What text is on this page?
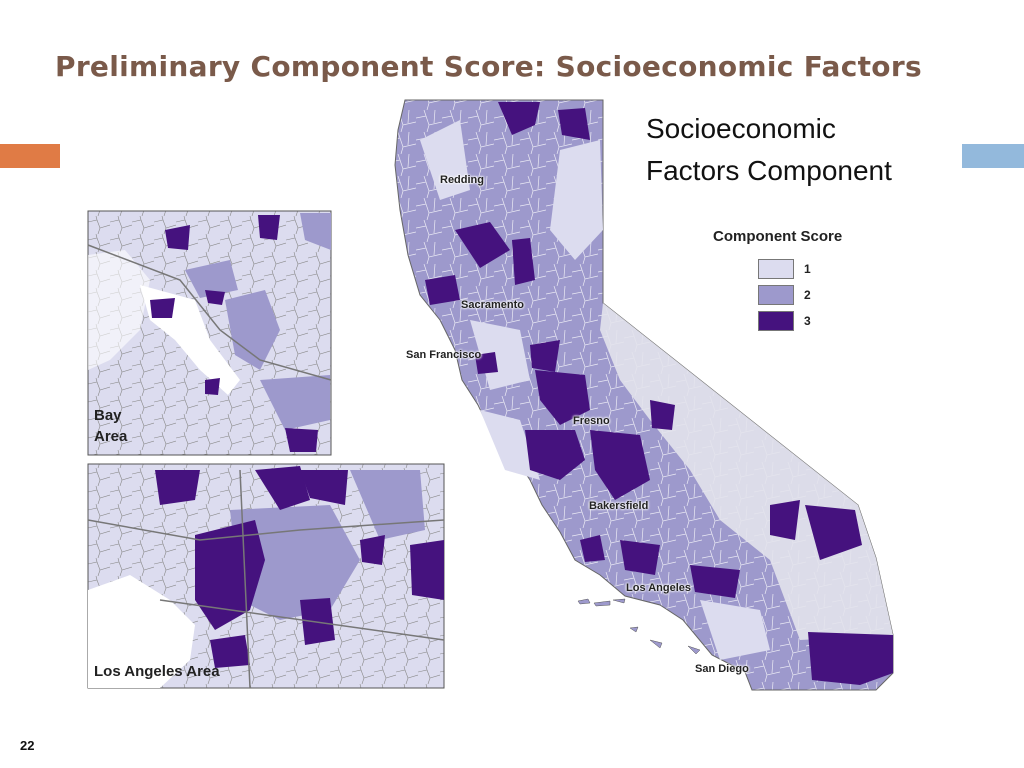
Preliminary Component Score: Socioeconomic Factors
Socioeconomic
Factors Component
Component Score
1
2
3
Redding
Sacramento
San Francisco
Fresno
Bakersfield
Los Angeles
San Diego
Bay
Area
Los Angeles Area
22
